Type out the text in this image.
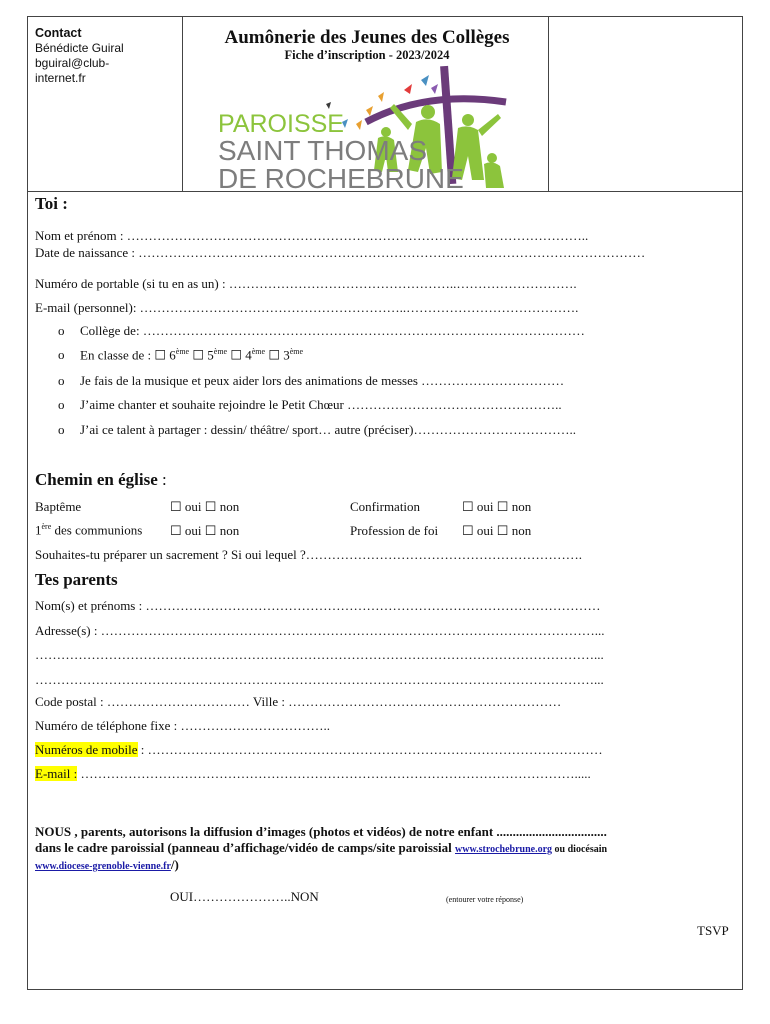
Contact
Bénédicte Guiral
bguiral@club-
internet.fr
Aumônerie des Jeunes des Collèges
Fiche d’inscription - 2023/2024
PAROISSE
SAINT THOMAS
DE ROCHEBRUNE
Toi :
Nom et prénom : ……………………………………………………………………………………………..
Date de naissance : ………………………………………………………………………………………………………
Numéro de portable (si tu en as un) : ……………………………………………..……………………….
E-mail (personnel): ……………………………………………………..………………………………….
o Collège de: …………………………………………………………………………………………
o En classe de : ☐ 6ème ☐ 5ème ☐ 4ème ☐ 3ème
o Je fais de la musique et peux aider lors des animations de messes ……………………………
o J’aime chanter et souhaite rejoindre le Petit Chœur …………………………………………..
o J’ai ce talent à partager : dessin/ théâtre/ sport… autre (préciser)………………………………..
Chemin en église :
Baptême	☐ oui ☐ non	Confirmation	☐ oui ☐ non
1ère des communions ☐ oui ☐ non	Profession de foi ☐ oui ☐ non
Souhaites-tu préparer un sacrement ? Si oui lequel ?……………………………………………………….
Tes parents
Nom(s) et prénoms : ……………………………………………………………………………………………
Adresse(s) : ……………………………………………………………………………………………………...
…………………………………………………………………………………………………………………...
…………………………………………………………………………………………………………………...
Code postal : …………………………… Ville : ………………………………………………………
Numéro de téléphone fixe : ……………………………..
Numéros de mobile : ……………………………………………………………………………………………
E-mail : …………………………………………………………………………………………………….....
NOUS , parents, autorisons la diffusion d’images (photos et vidéos) de notre enfant ..................................
dans le cadre paroissial (panneau d’affichage/vidéo de camps/site paroissial www.strochebrune.org ou diocésain
www.diocese-grenoble-vienne.fr/)
OUI…………………..NON	(entourer votre réponse)
TSVP
